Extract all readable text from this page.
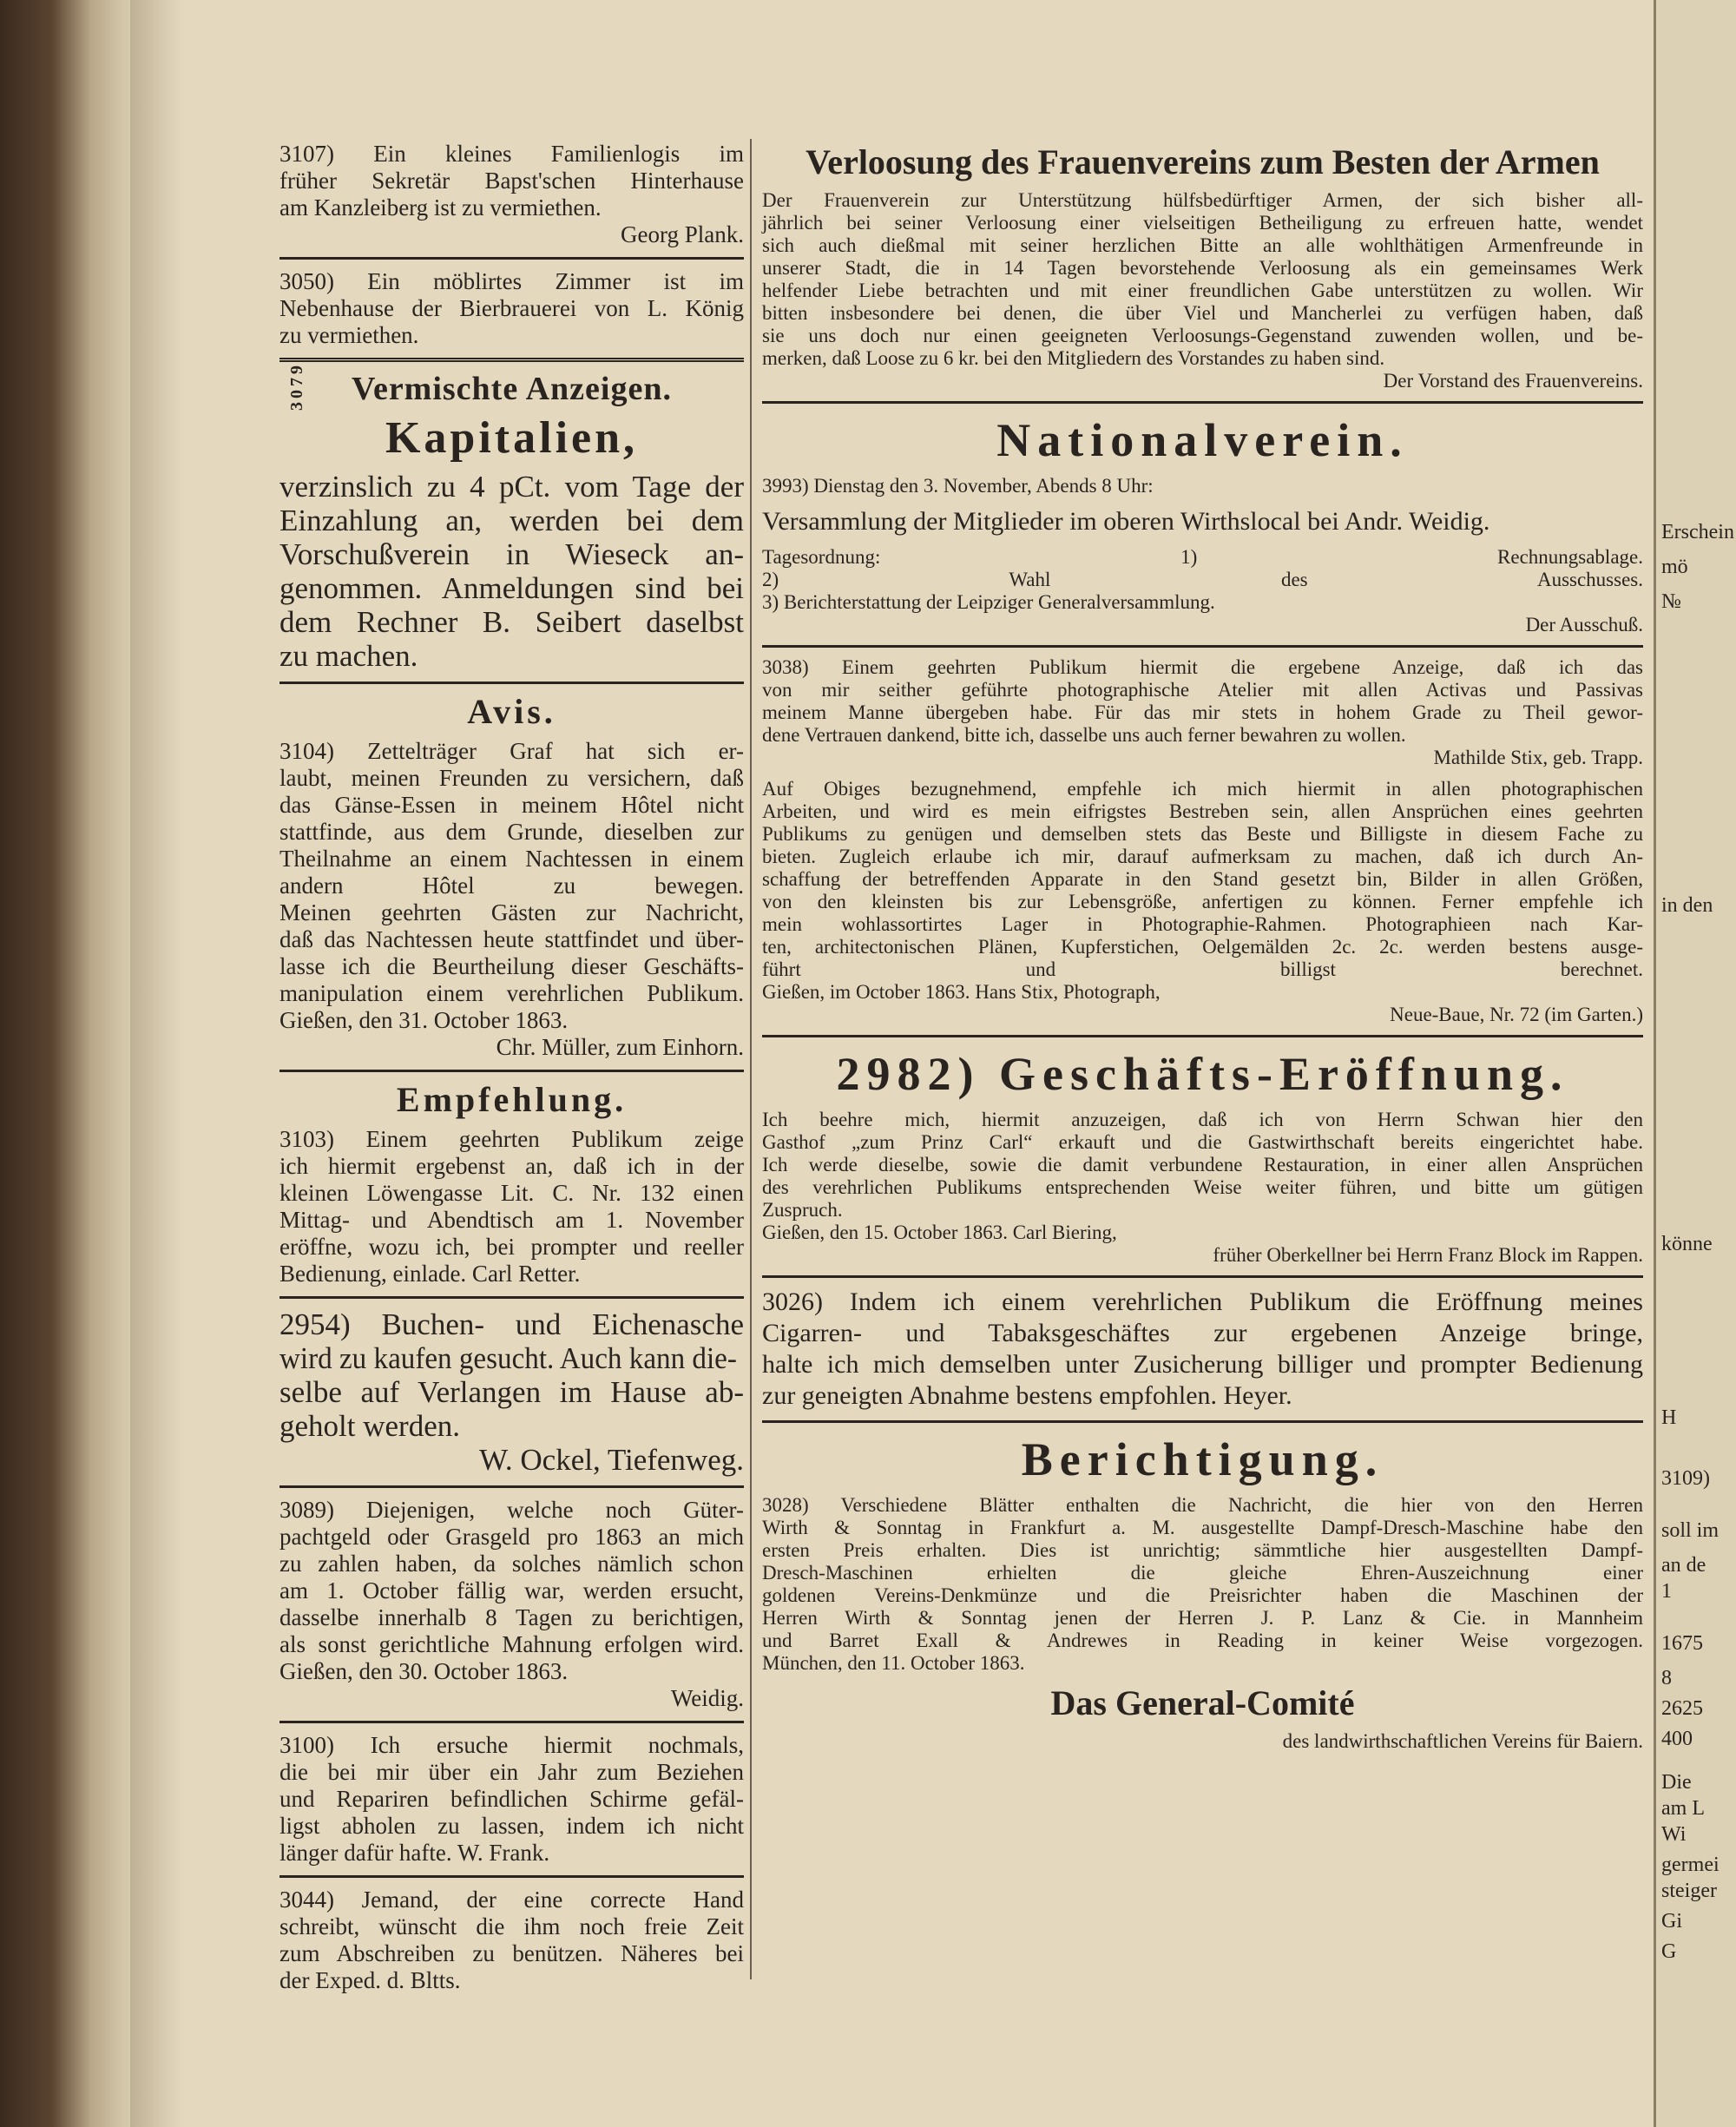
3107) Ein kleines Familienlogis im
früher Sekretär Bapst'schen Hinterhause
am Kanzleiberg ist zu vermiethen.
Georg Plank.
3050) Ein möblirtes Zimmer ist im
Nebenhause der Bierbrauerei von L. König
zu vermiethen.
Vermischte Anzeigen.
Kapitalien,
3079
verzinslich zu 4 pCt. vom Tage der
Einzahlung an, werden bei dem
Vorschußverein in Wieseck an-
genommen. Anmeldungen sind bei
dem Rechner B. Seibert daselbst
zu machen.
Avis.
3104) Zettelträger Graf hat sich er-
laubt, meinen Freunden zu versichern, daß
das Gänse-Essen in meinem Hôtel nicht
stattfinde, aus dem Grunde, dieselben zur
Theilnahme an einem Nachtessen in einem
andern Hôtel zu bewegen.
Meinen geehrten Gästen zur Nachricht,
daß das Nachtessen heute stattfindet und über-
lasse ich die Beurtheilung dieser Geschäfts-
manipulation einem verehrlichen Publikum.
Gießen, den 31. October 1863.
Chr. Müller, zum Einhorn.
Empfehlung.
3103) Einem geehrten Publikum zeige
ich hiermit ergebenst an, daß ich in der
kleinen Löwengasse Lit. C. Nr. 132 einen
Mittag- und Abendtisch am 1. November
eröffne, wozu ich, bei prompter und reeller
Bedienung, einlade. Carl Retter.
2954) Buchen- und Eichenasche
wird zu kaufen gesucht. Auch kann die-
selbe auf Verlangen im Hause ab-
geholt werden.
W. Ockel, Tiefenweg.
3089) Diejenigen, welche noch Güter-
pachtgeld oder Grasgeld pro 1863 an mich
zu zahlen haben, da solches nämlich schon
am 1. October fällig war, werden ersucht,
dasselbe innerhalb 8 Tagen zu berichtigen,
als sonst gerichtliche Mahnung erfolgen wird.
Gießen, den 30. October 1863.
Weidig.
3100) Ich ersuche hiermit nochmals,
die bei mir über ein Jahr zum Beziehen
und Repariren befindlichen Schirme gefäl-
ligst abholen zu lassen, indem ich nicht
länger dafür hafte. W. Frank.
3044) Jemand, der eine correcte Hand
schreibt, wünscht die ihm noch freie Zeit
zum Abschreiben zu benützen. Näheres bei
der Exped. d. Bltts.
Verloosung des Frauenvereins zum Besten der Armen
Der Frauenverein zur Unterstützung hülfsbedürftiger Armen, der sich bisher all-
jährlich bei seiner Verloosung einer vielseitigen Betheiligung zu erfreuen hatte, wendet
sich auch dießmal mit seiner herzlichen Bitte an alle wohlthätigen Armenfreunde in
unserer Stadt, die in 14 Tagen bevorstehende Verloosung als ein gemeinsames Werk
helfender Liebe betrachten und mit einer freundlichen Gabe unterstützen zu wollen. Wir
bitten insbesondere bei denen, die über Viel und Mancherlei zu verfügen haben, daß
sie uns doch nur einen geeigneten Verloosungs-Gegenstand zuwenden wollen, und be-
merken, daß Loose zu 6 kr. bei den Mitgliedern des Vorstandes zu haben sind.
Der Vorstand des Frauenvereins.
Nationalverein.
3993) Dienstag den 3. November, Abends 8 Uhr:
Versammlung der Mitglieder im oberen Wirthslocal bei Andr. Weidig.
Tagesordnung: 1) Rechnungsablage.
2) Wahl des Ausschusses.
3) Berichterstattung der Leipziger Generalversammlung.
Der Ausschuß.
3038) Einem geehrten Publikum hiermit die ergebene Anzeige, daß ich das
von mir seither geführte photographische Atelier mit allen Activas und Passivas
meinem Manne übergeben habe. Für das mir stets in hohem Grade zu Theil gewor-
dene Vertrauen dankend, bitte ich, dasselbe uns auch ferner bewahren zu wollen.
Mathilde Stix, geb. Trapp.
Auf Obiges bezugnehmend, empfehle ich mich hiermit in allen photographischen
Arbeiten, und wird es mein eifrigstes Bestreben sein, allen Ansprüchen eines geehrten
Publikums zu genügen und demselben stets das Beste und Billigste in diesem Fache zu
bieten. Zugleich erlaube ich mir, darauf aufmerksam zu machen, daß ich durch An-
schaffung der betreffenden Apparate in den Stand gesetzt bin, Bilder in allen Größen,
von den kleinsten bis zur Lebensgröße, anfertigen zu können. Ferner empfehle ich
mein wohlassortirtes Lager in Photographie-Rahmen. Photographieen nach Kar-
ten, architectonischen Plänen, Kupferstichen, Oelgemälden 2c. 2c. werden bestens ausge-
führt und billigst berechnet.
Gießen, im October 1863. Hans Stix, Photograph,
Neue-Baue, Nr. 72 (im Garten.)
2982) Geschäfts-Eröffnung.
Ich beehre mich, hiermit anzuzeigen, daß ich von Herrn Schwan hier den
Gasthof „zum Prinz Carl“ erkauft und die Gastwirthschaft bereits eingerichtet habe.
Ich werde dieselbe, sowie die damit verbundene Restauration, in einer allen Ansprüchen
des verehrlichen Publikums entsprechenden Weise weiter führen, und bitte um gütigen
Zuspruch.
Gießen, den 15. October 1863. Carl Biering,
früher Oberkellner bei Herrn Franz Block im Rappen.
3026) Indem ich einem verehrlichen Publikum die Eröffnung meines
Cigarren- und Tabaksgeschäftes zur ergebenen Anzeige bringe,
halte ich mich demselben unter Zusicherung billiger und prompter Bedienung
zur geneigten Abnahme bestens empfohlen. Heyer.
Berichtigung.
3028) Verschiedene Blätter enthalten die Nachricht, die hier von den Herren
Wirth & Sonntag in Frankfurt a. M. ausgestellte Dampf-Dresch-Maschine habe den
ersten Preis erhalten. Dies ist unrichtig; sämmtliche hier ausgestellten Dampf-
Dresch-Maschinen erhielten die gleiche Ehren-Auszeichnung einer
goldenen Vereins-Denkmünze und die Preisrichter haben die Maschinen der
Herren Wirth & Sonntag jenen der Herren J. P. Lanz & Cie. in Mannheim
und Barret Exall & Andrewes in Reading in keiner Weise vorgezogen.
München, den 11. October 1863.
Das General-Comité
des landwirthschaftlichen Vereins für Baiern.
Erschein
mö
№
in den
könne
H
3109)
soll im
an de
1
1675
8
2625
400
Die
am L
Wi
germei
steiger
Gi
G
